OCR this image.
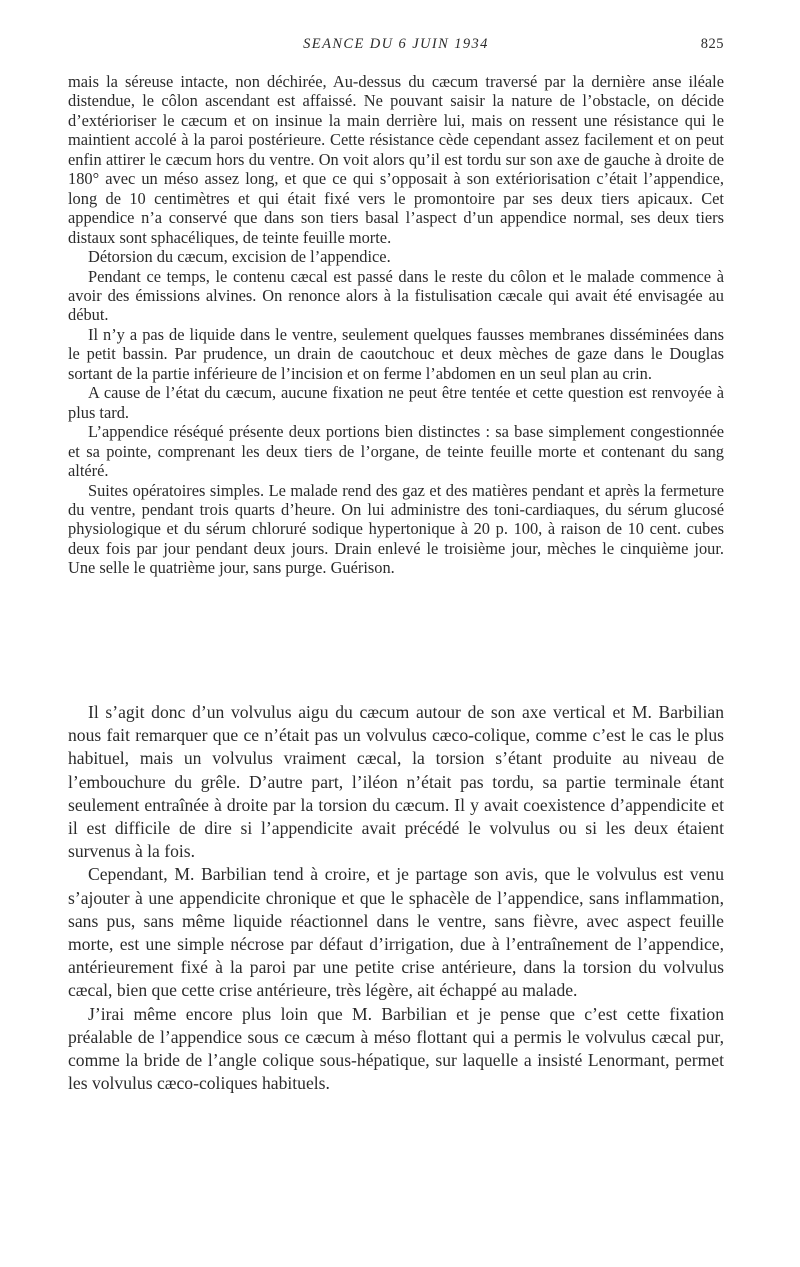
SEANCE DU 6 JUIN 1934	825

mais la séreuse intacte, non déchirée, Au-dessus du cæcum traversé par la dernière anse iléale distendue, le côlon ascendant est affaissé. Ne pouvant saisir la nature de l’obstacle, on décide d’extérioriser le cæcum et on insinue la main derrière lui, mais on ressent une résistance qui le maintient accolé à la paroi postérieure. Cette résistance cède cependant assez facilement et on peut enfin attirer le cæcum hors du ventre. On voit alors qu’il est tordu sur son axe de gauche à droite de 180° avec un méso assez long, et que ce qui s’opposait à son extériorisation c’était l’appendice, long de 10 centimètres et qui était fixé vers le promontoire par ses deux tiers apicaux. Cet appendice n’a conservé que dans son tiers basal l’aspect d’un appendice normal, ses deux tiers distaux sont sphacéliques, de teinte feuille morte.

Détorsion du cæcum, excision de l’appendice.

Pendant ce temps, le contenu cæcal est passé dans le reste du côlon et le malade commence à avoir des émissions alvines. On renonce alors à la fistulisation cæcale qui avait été envisagée au début.

Il n’y a pas de liquide dans le ventre, seulement quelques fausses membranes disséminées dans le petit bassin. Par prudence, un drain de caoutchouc et deux mèches de gaze dans le Douglas sortant de la partie inférieure de l’incision et on ferme l’abdomen en un seul plan au crin.

A cause de l’état du cæcum, aucune fixation ne peut être tentée et cette question est renvoyée à plus tard.

L’appendice réséqué présente deux portions bien distinctes : sa base simplement congestionnée et sa pointe, comprenant les deux tiers de l’organe, de teinte feuille morte et contenant du sang altéré.

Suites opératoires simples. Le malade rend des gaz et des matières pendant et après la fermeture du ventre, pendant trois quarts d’heure. On lui administre des toni-cardiaques, du sérum glucosé physiologique et du sérum chloruré sodique hypertonique à 20 p. 100, à raison de 10 cent. cubes deux fois par jour pendant deux jours. Drain enlevé le troisième jour, mèches le cinquième jour. Une selle le quatrième jour, sans purge. Guérison.

Il s’agit donc d’un volvulus aigu du cæcum autour de son axe vertical et M. Barbilian nous fait remarquer que ce n’était pas un volvulus cæco-colique, comme c’est le cas le plus habituel, mais un volvulus vraiment cæcal, la torsion s’étant produite au niveau de l’embouchure du grêle. D’autre part, l’iléon n’était pas tordu, sa partie terminale étant seulement entraînée à droite par la torsion du cæcum. Il y avait coexistence d’appendicite et il est difficile de dire si l’appendicite avait précédé le volvulus ou si les deux étaient survenus à la fois.

Cependant, M. Barbilian tend à croire, et je partage son avis, que le volvulus est venu s’ajouter à une appendicite chronique et que le sphacèle de l’appendice, sans inflammation, sans pus, sans même liquide réactionnel dans le ventre, sans fièvre, avec aspect feuille morte, est une simple nécrose par défaut d’irrigation, due à l’entraînement de l’appendice, antérieurement fixé à la paroi par une petite crise antérieure, dans la torsion du volvulus cæcal, bien que cette crise antérieure, très légère, ait échappé au malade.

J’irai même encore plus loin que M. Barbilian et je pense que c’est cette fixation préalable de l’appendice sous ce cæcum à méso flottant qui a permis le volvulus cæcal pur, comme la bride de l’angle colique sous-hépatique, sur laquelle a insisté Lenormant, permet les volvulus cæco-coliques habituels.
